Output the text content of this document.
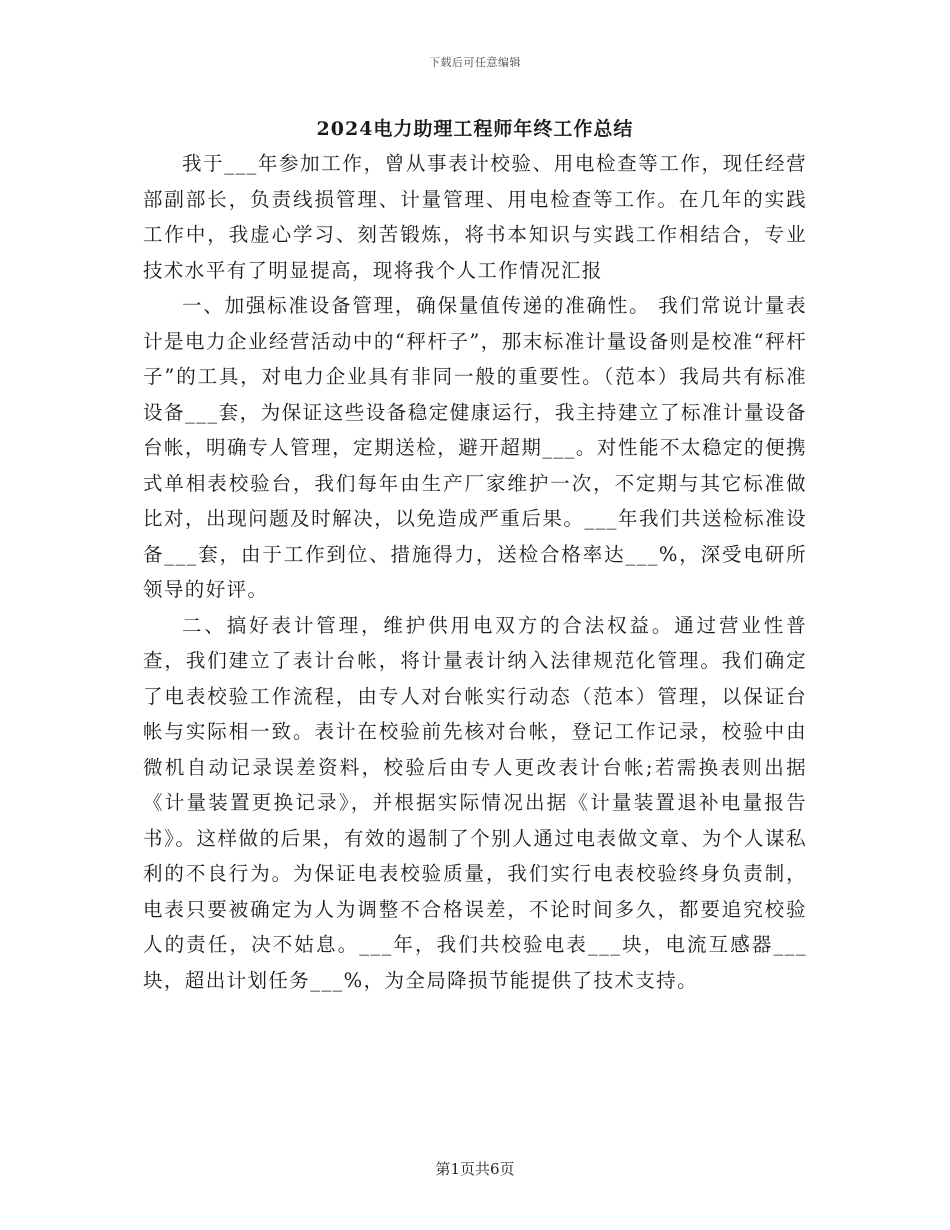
下载后可任意编辑
2024电力助理工程师年终工作总结

我于___年参加工作，曾从事表计校验、用电检查等工作，现任经营部副部长，负责线损管理、计量管理、用电检查等工作。在几年的实践工作中，我虚心学习、刻苦锻炼，将书本知识与实践工作相结合，专业技术水平有了明显提高，现将我个人工作情况汇报

一、加强标准设备管理，确保量值传递的准确性。 我们常说计量表计是电力企业经营活动中的“秤杆子”，那末标准计量设备则是校准“秤杆子”的工具，对电力企业具有非同一般的重要性。（范本）我局共有标准设备___套，为保证这些设备稳定健康运行，我主持建立了标准计量设备台帐，明确专人管理，定期送检，避开超期___。对性能不太稳定的便携式单相表校验台，我们每年由生产厂家维护一次，不定期与其它标准做比对，出现问题及时解决，以免造成严重后果。___年我们共送检标准设备___套，由于工作到位、措施得力，送检合格率达___%，深受电研所领导的好评。

二、搞好表计管理，维护供用电双方的合法权益。通过营业性普查，我们建立了表计台帐，将计量表计纳入法律规范化管理。我们确定了电表校验工作流程，由专人对台帐实行动态（范本）管理，以保证台帐与实际相一致。表计在校验前先核对台帐，登记工作记录，校验中由微机自动记录误差资料，校验后由专人更改表计台帐;若需换表则出据《计量装置更换记录》，并根据实际情况出据《计量装置退补电量报告书》。这样做的后果，有效的遏制了个别人通过电表做文章、为个人谋私利的不良行为。为保证电表校验质量，我们实行电表校验终身负责制，电表只要被确定为人为调整不合格误差，不论时间多久，都要追究校验人的责任，决不姑息。___年，我们共校验电表___块，电流互感器___块，超出计划任务___%，为全局降损节能提供了技术支持。

第1页共6页
